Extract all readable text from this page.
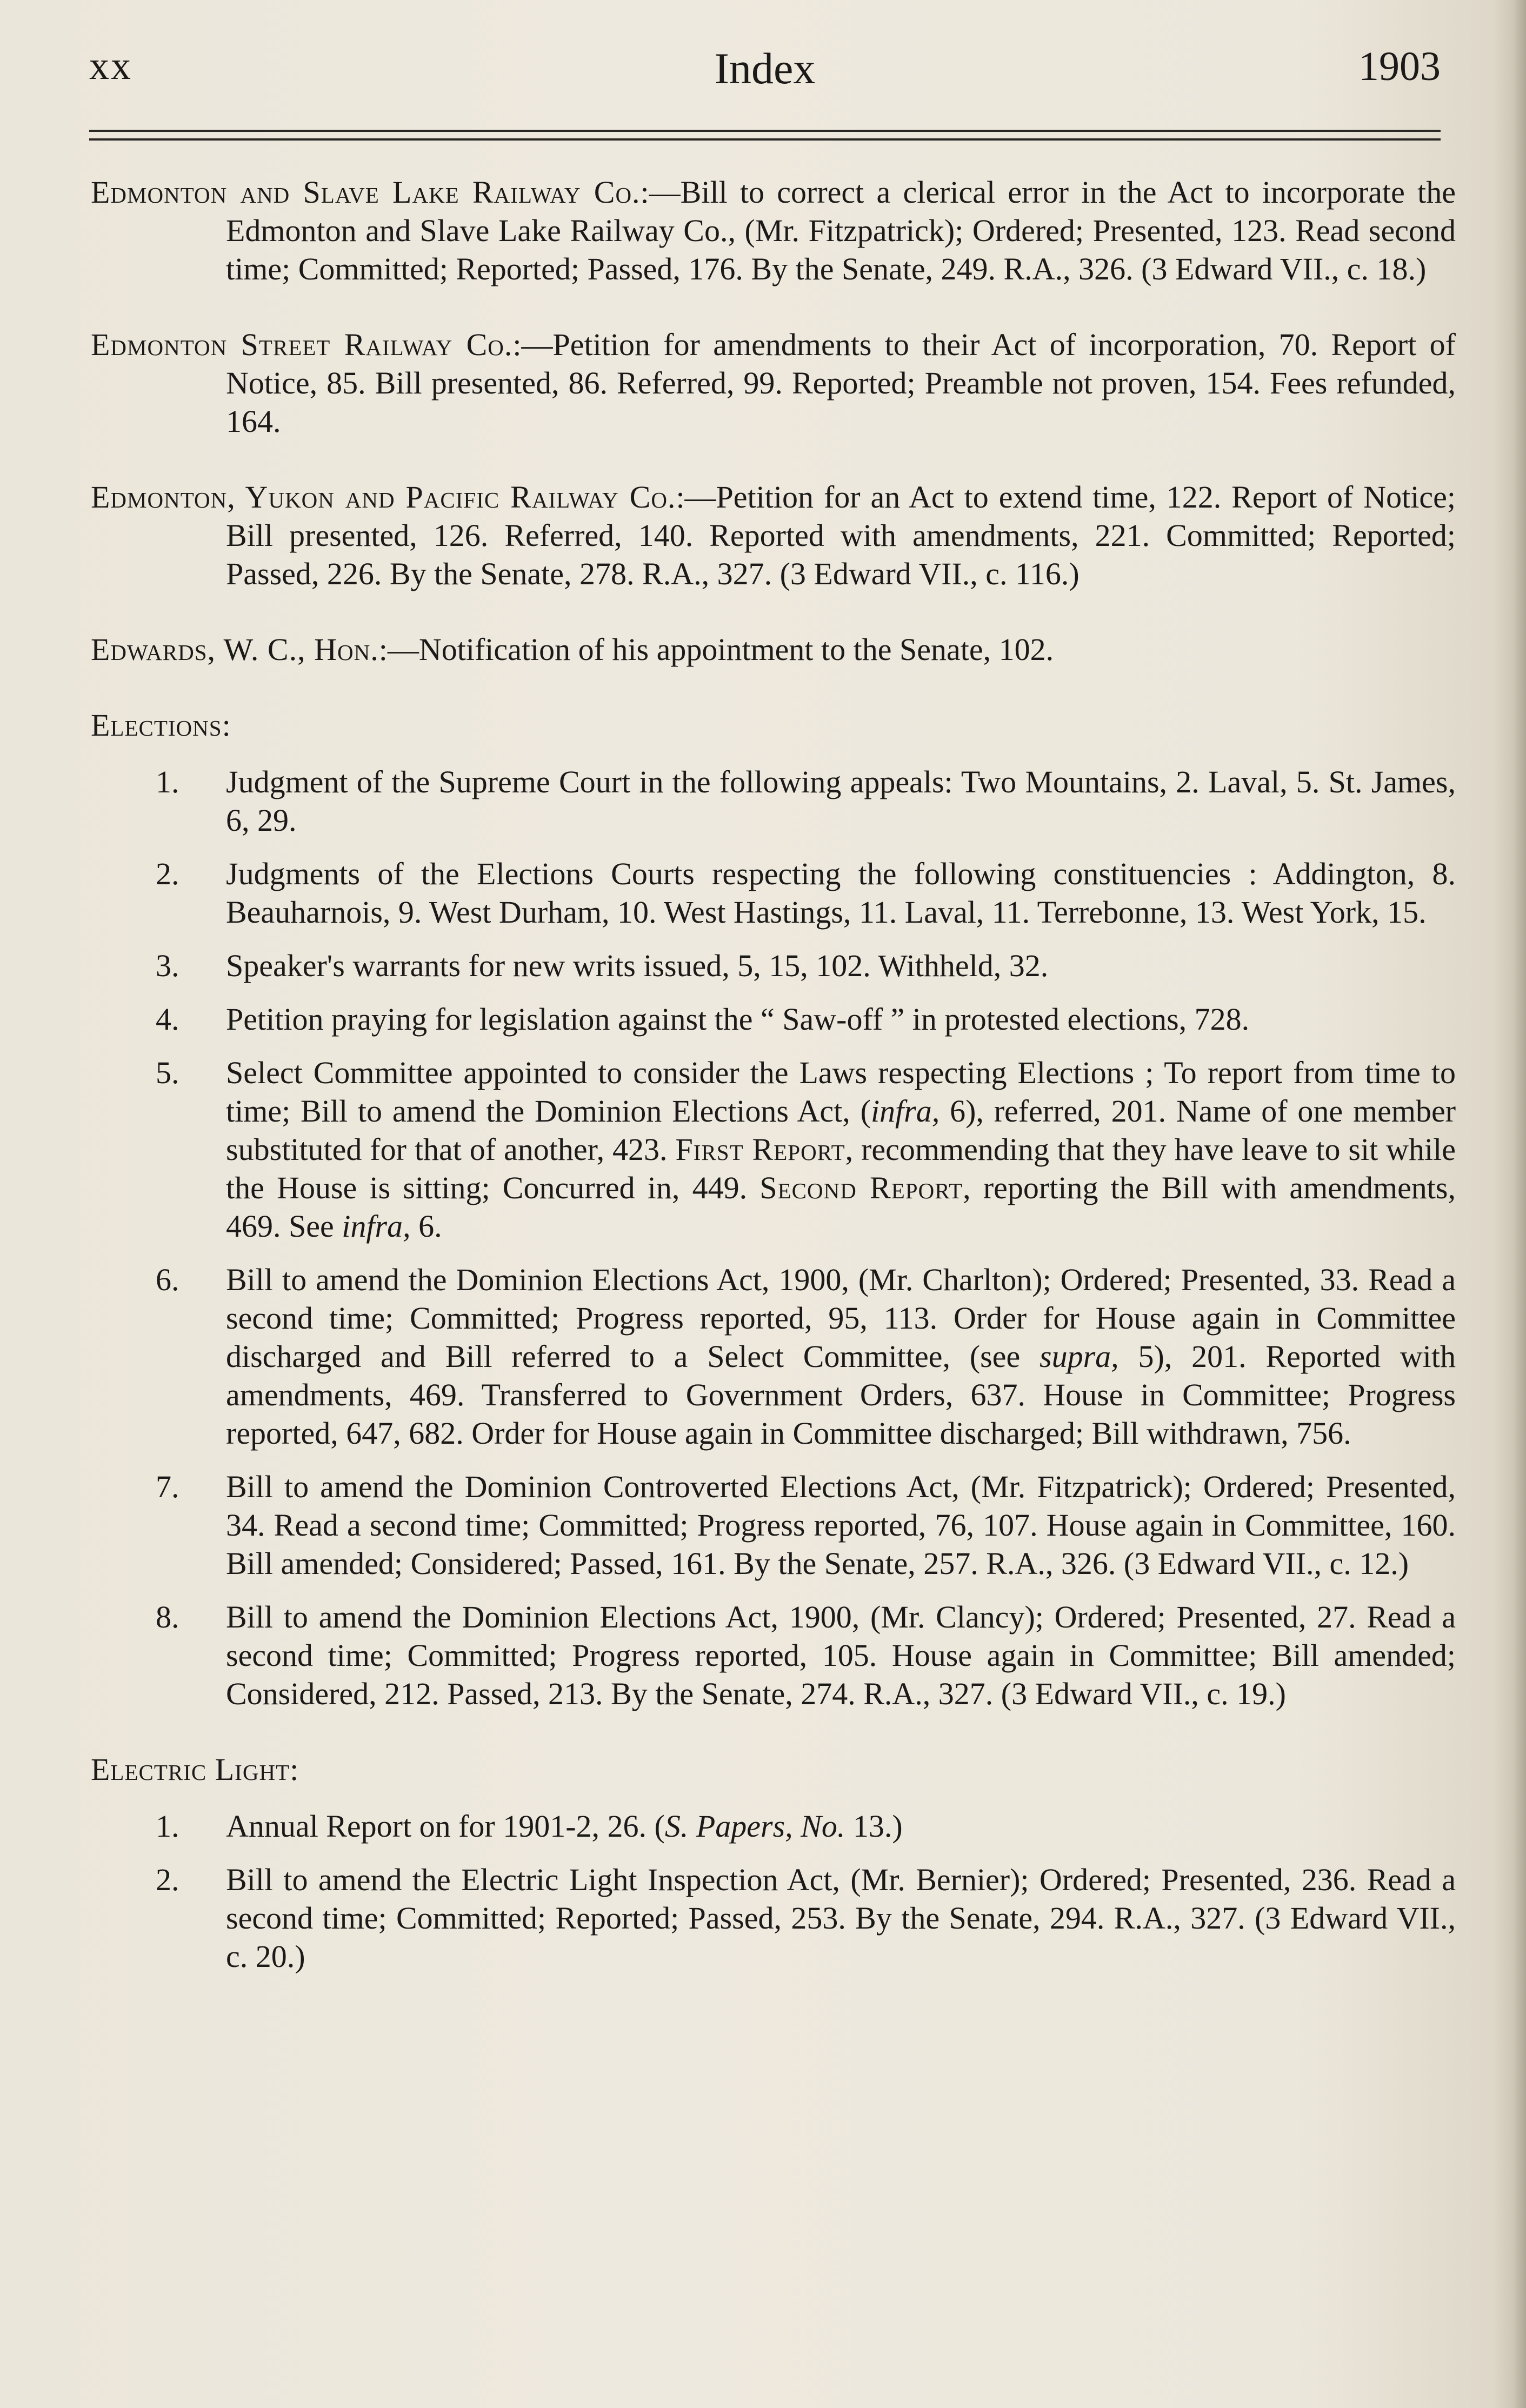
xx	Index	1903

Edmonton and Slave Lake Railway Co.:—Bill to correct a clerical error in the Act to incorporate the Edmonton and Slave Lake Railway Co., (Mr. Fitzpatrick); Ordered; Presented, 123. Read second time; Committed; Reported; Passed, 176. By the Senate, 249. R.A., 326. (3 Edward VII., c. 18.)

Edmonton Street Railway Co.:—Petition for amendments to their Act of incorporation, 70. Report of Notice, 85. Bill presented, 86. Referred, 99. Reported; Preamble not proven, 154. Fees refunded, 164.

Edmonton, Yukon and Pacific Railway Co.:—Petition for an Act to extend time, 122. Report of Notice; Bill presented, 126. Referred, 140. Reported with amendments, 221. Committed; Reported; Passed, 226. By the Senate, 278. R.A., 327. (3 Edward VII., c. 116.)

Edwards, W. C., Hon.:—Notification of his appointment to the Senate, 102.

Elections:

1. Judgment of the Supreme Court in the following appeals: Two Mountains, 2. Laval, 5. St. James, 6, 29.

2. Judgments of the Elections Courts respecting the following constituencies : Addington, 8. Beauharnois, 9. West Durham, 10. West Hastings, 11. Laval, 11. Terrebonne, 13. West York, 15.

3. Speaker's warrants for new writs issued, 5, 15, 102. Withheld, 32.

4. Petition praying for legislation against the “ Saw-off ” in protested elections, 728.

5. Select Committee appointed to consider the Laws respecting Elections ; To report from time to time; Bill to amend the Dominion Elections Act, (infra, 6), referred, 201. Name of one member substituted for that of another, 423. First Report, recommending that they have leave to sit while the House is sitting; Concurred in, 449. Second Report, reporting the Bill with amendments, 469. See infra, 6.

6. Bill to amend the Dominion Elections Act, 1900, (Mr. Charlton); Ordered; Presented, 33. Read a second time; Committed; Progress reported, 95, 113. Order for House again in Committee discharged and Bill referred to a Select Committee, (see supra, 5), 201. Reported with amendments, 469. Transferred to Government Orders, 637. House in Committee; Progress reported, 647, 682. Order for House again in Committee discharged; Bill withdrawn, 756.

7. Bill to amend the Dominion Controverted Elections Act, (Mr. Fitzpatrick); Ordered; Presented, 34. Read a second time; Committed; Progress reported, 76, 107. House again in Committee, 160. Bill amended; Considered; Passed, 161. By the Senate, 257. R.A., 326. (3 Edward VII., c. 12.)

8. Bill to amend the Dominion Elections Act, 1900, (Mr. Clancy); Ordered; Presented, 27. Read a second time; Committed; Progress reported, 105. House again in Committee; Bill amended; Considered, 212. Passed, 213. By the Senate, 274. R.A., 327. (3 Edward VII., c. 19.)

Electric Light:

1. Annual Report on for 1901-2, 26. (S. Papers, No. 13.)

2. Bill to amend the Electric Light Inspection Act, (Mr. Bernier); Ordered; Presented, 236. Read a second time; Committed; Reported; Passed, 253. By the Senate, 294. R.A., 327. (3 Edward VII., c. 20.)
